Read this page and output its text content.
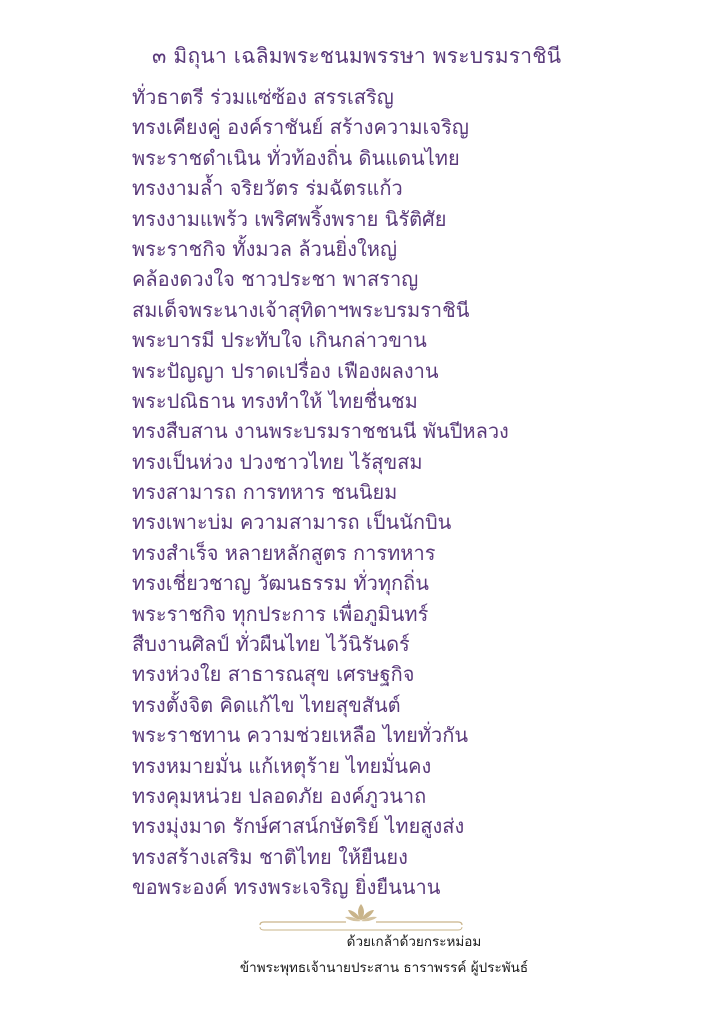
๓ มิถุนา เฉลิมพระชนมพรรษา พระบรมราชินี
ทั่วธาตรี ร่วมแซ่ซ้อง สรรเสริญ
ทรงเคียงคู่ องค์ราชันย์ สร้างความเจริญ
พระราชดำเนิน ทั่วท้องถิ่น ดินแดนไทย
ทรงงามล้ำ จริยวัตร ร่มฉัตรแก้ว
ทรงงามแพร้ว เพริศพริ้งพราย นิรัติศัย
พระราชกิจ ทั้งมวล ล้วนยิ่งใหญ่
คล้องดวงใจ ชาวประชา พาสราญ
สมเด็จพระนางเจ้าสุทิดาฯพระบรมราชินี
พระบารมี ประทับใจ เกินกล่าวขาน
พระปัญญา ปราดเปรื่อง เฟืองผลงาน
พระปณิธาน ทรงทำให้ ไทยชื่นชม
ทรงสืบสาน งานพระบรมราชชนนี พันปีหลวง
ทรงเป็นห่วง ปวงชาวไทย ไร้สุขสม
ทรงสามารถ การทหาร ชนนิยม
ทรงเพาะบ่ม ความสามารถ เป็นนักบิน
ทรงสำเร็จ หลายหลักสูตร การทหาร
ทรงเชี่ยวชาญ วัฒนธรรม ทั่วทุกถิ่น
พระราชกิจ ทุกประการ เพื่อภูมินทร์
สืบงานศิลป์ ทั่วผืนไทย ไว้นิรันดร์
ทรงห่วงใย สาธารณสุข เศรษฐกิจ
ทรงตั้งจิต คิดแก้ไข ไทยสุขสันต์
พระราชทาน ความช่วยเหลือ ไทยทั่วกัน
ทรงหมายมั่น แก้เหตุร้าย ไทยมั่นคง
ทรงคุมหน่วย ปลอดภัย องค์ภูวนาถ
ทรงมุ่งมาด รักษ์ศาสน์กษัตริย์ ไทยสูงส่ง
ทรงสร้างเสริม ชาติไทย ให้ยืนยง
ขอพระองค์ ทรงพระเจริญ ยิ่งยืนนาน
ด้วยเกล้าด้วยกระหม่อม
ข้าพระพุทธเจ้านายประสาน ธาราพรรค์ ผู้ประพันธ์
